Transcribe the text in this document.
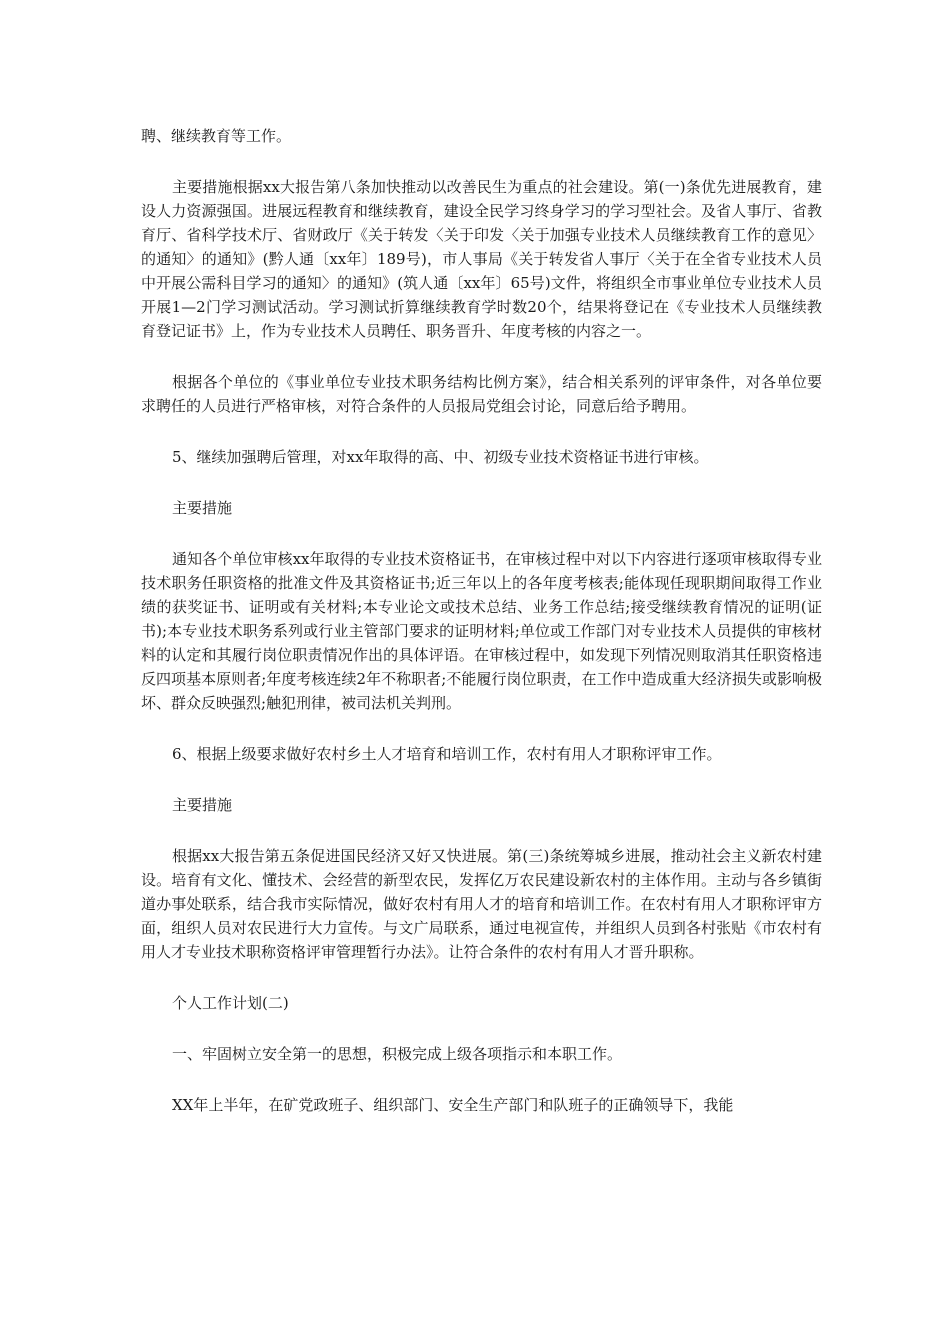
聘、继续教育等工作。

主要措施根据xx大报告第八条加快推动以改善民生为重点的社会建设。第(一)条优先进展教育，建设人力资源强国。进展远程教育和继续教育，建设全民学习终身学习的学习型社会。及省人事厅、省教育厅、省科学技术厅、省财政厅《关于转发〈关于印发〈关于加强专业技术人员继续教育工作的意见〉的通知〉的通知》(黔人通〔xx年〕189号)，市人事局《关于转发省人事厅〈关于在全省专业技术人员中开展公需科目学习的通知〉的通知》(筑人通〔xx年〕65号)文件，将组织全市事业单位专业技术人员开展1—2门学习测试活动。学习测试折算继续教育学时数20个，结果将登记在《专业技术人员继续教育登记证书》上，作为专业技术人员聘任、职务晋升、年度考核的内容之一。

根据各个单位的《事业单位专业技术职务结构比例方案》，结合相关系列的评审条件，对各单位要求聘任的人员进行严格审核，对符合条件的人员报局党组会讨论，同意后给予聘用。

5、继续加强聘后管理，对xx年取得的高、中、初级专业技术资格证书进行审核。

主要措施

通知各个单位审核xx年取得的专业技术资格证书，在审核过程中对以下内容进行逐项审核取得专业技术职务任职资格的批准文件及其资格证书;近三年以上的各年度考核表;能体现任现职期间取得工作业绩的获奖证书、证明或有关材料;本专业论文或技术总结、业务工作总结;接受继续教育情况的证明(证书);本专业技术职务系列或行业主管部门要求的证明材料;单位或工作部门对专业技术人员提供的审核材料的认定和其履行岗位职责情况作出的具体评语。在审核过程中，如发现下列情况则取消其任职资格违反四项基本原则者;年度考核连续2年不称职者;不能履行岗位职责，在工作中造成重大经济损失或影响极坏、群众反映强烈;触犯刑律，被司法机关判刑。

6、根据上级要求做好农村乡土人才培育和培训工作，农村有用人才职称评审工作。

主要措施

根据xx大报告第五条促进国民经济又好又快进展。第(三)条统筹城乡进展，推动社会主义新农村建设。培育有文化、懂技术、会经营的新型农民，发挥亿万农民建设新农村的主体作用。主动与各乡镇街道办事处联系，结合我市实际情况，做好农村有用人才的培育和培训工作。在农村有用人才职称评审方面，组织人员对农民进行大力宣传。与文广局联系，通过电视宣传，并组织人员到各村张贴《市农村有用人才专业技术职称资格评审管理暂行办法》。让符合条件的农村有用人才晋升职称。

个人工作计划(二)

一、牢固树立安全第一的思想，积极完成上级各项指示和本职工作。

XX年上半年，在矿党政班子、组织部门、安全生产部门和队班子的正确领导下，我能
